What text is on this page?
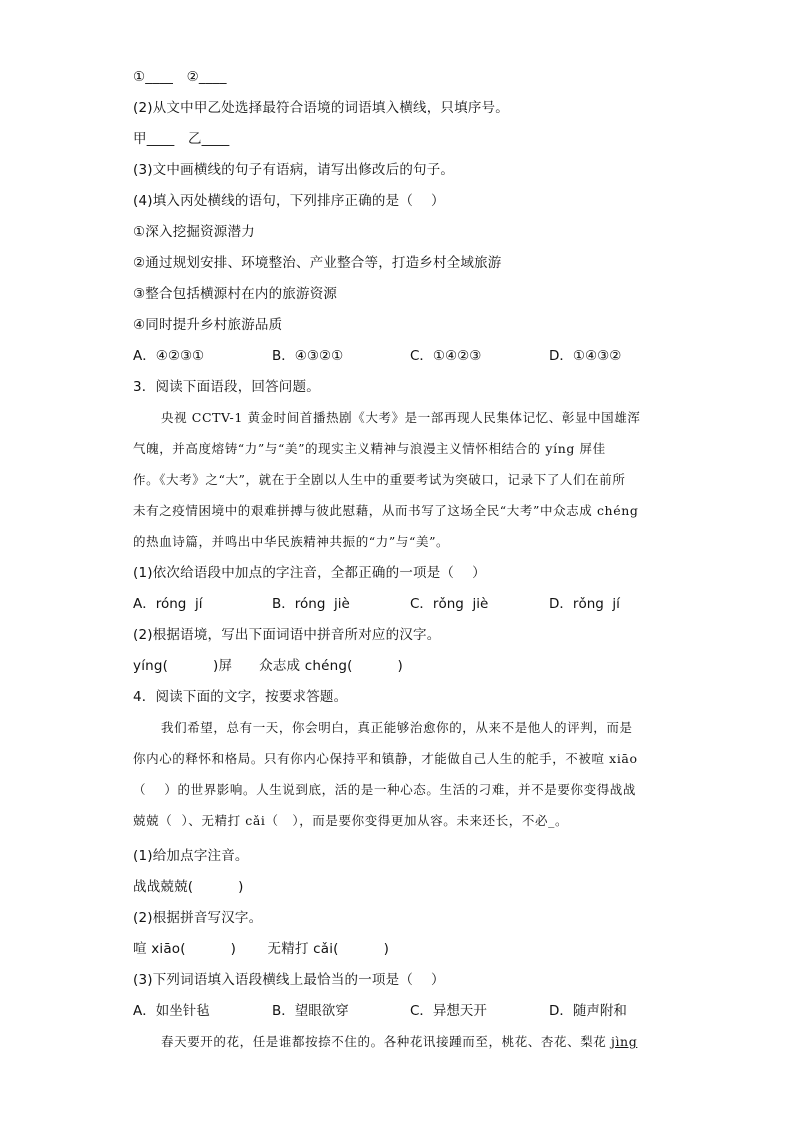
①____   ②____
(2)从文中甲乙处选择最符合语境的词语填入横线，只填序号。
甲____   乙____
(3)文中画横线的句子有语病，请写出修改后的句子。
(4)填入丙处横线的语句，下列排序正确的是（    ）
①深入挖掘资源潜力
②通过规划安排、环境整治、产业整合等，打造乡村全域旅游
③整合包括横源村在内的旅游资源
④同时提升乡村旅游品质
A．④②③①	B．④③②①	C．①④②③	D．①④③②
3．阅读下面语段，回答问题。
央视 CCTV-1 黄金时间首播热剧《大考》是一部再现人民集体记忆、彰显中国雄浑
气魄，并高度熔铸“力”与“美”的现实主义精神与浪漫主义情怀相结合的 yíng 屏佳
作。《大考》之“大”，就在于全剧以人生中的重要考试为突破口，记录下了人们在前所
未有之疫情困境中的艰难拼搏与彼此慰藉，从而书写了这场全民“大考”中众志成 chéng
的热血诗篇，并鸣出中华民族精神共振的“力”与“美”。
(1)依次给语段中加点的字注音，全都正确的一项是（    ）
A．róng  jí	B．róng  jiè	C．rǒng  jiè	D．rǒng  jí
(2)根据语境，写出下面词语中拼音所对应的汉字。
yíng(          )屏      众志成 chéng(          )
4．阅读下面的文字，按要求答题。
我们希望，总有一天，你会明白，真正能够治愈你的，从来不是他人的评判，而是
你内心的释怀和格局。只有你内心保持平和镇静，才能做自己人生的舵手，不被喧 xiāo
（    ）的世界影响。人生说到底，活的是一种心态。生活的刁难，并不是要你变得战战
兢兢（  ）、无精打 cǎi（   ），而是要你变得更加从容。未来还长，不必_。
(1)给加点字注音。
战战兢兢(          )
(2)根据拼音写汉字。
喧 xiāo(          )       无精打 cǎi(          )
(3)下列词语填入语段横线上最恰当的一项是（    ）
A．如坐针毡	B．望眼欲穿	C．异想天开	D．随声附和
春天要开的花，任是谁都按捺不住的。各种花讯接踵而至，桃花、杏花、梨花 jìng
